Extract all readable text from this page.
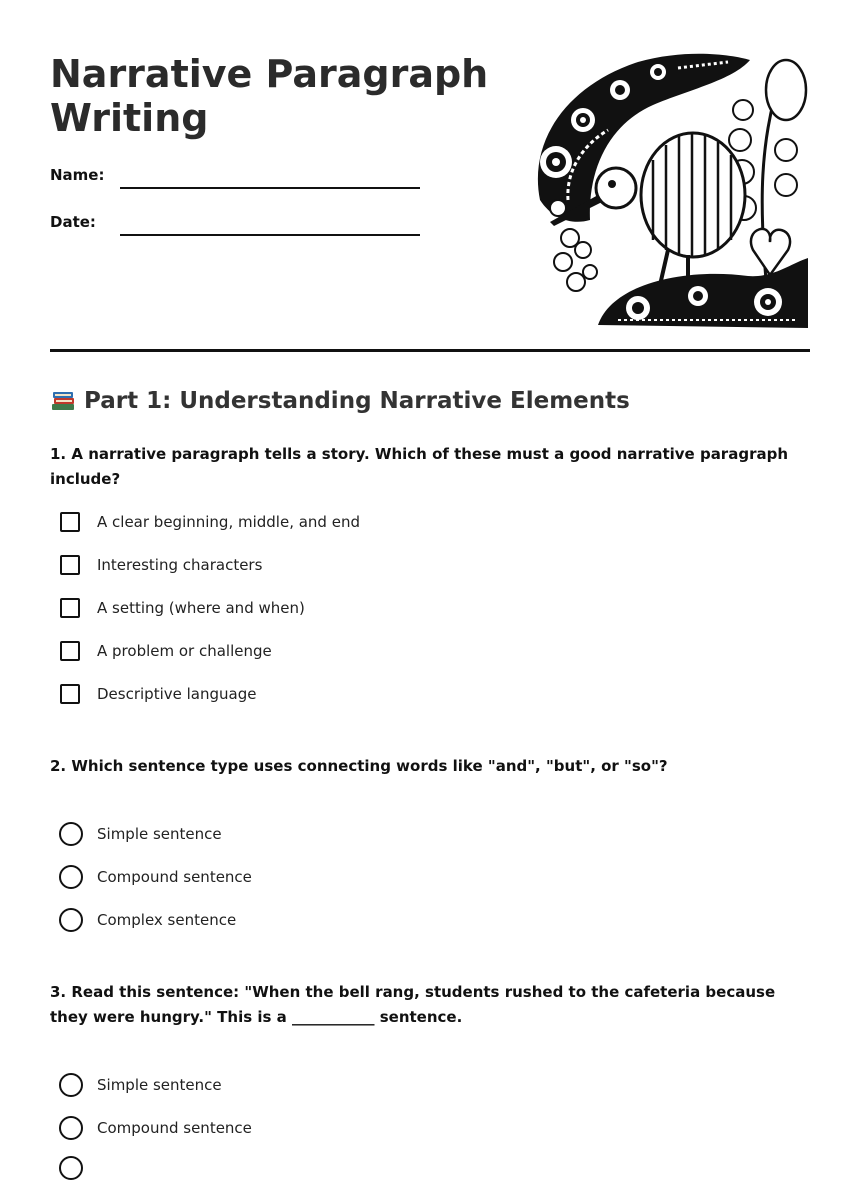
Narrative Paragraph Writing
Name:
Date:
Part 1: Understanding Narrative Elements
1. A narrative paragraph tells a story. Which of these must a good narrative paragraph include?
A clear beginning, middle, and end
Interesting characters
A setting (where and when)
A problem or challenge
Descriptive language
2. Which sentence type uses connecting words like "and", "but", or "so"?
Simple sentence
Compound sentence
Complex sentence
3. Read this sentence: "When the bell rang, students rushed to the cafeteria because they were hungry." This is a ___________ sentence.
Simple sentence
Compound sentence
